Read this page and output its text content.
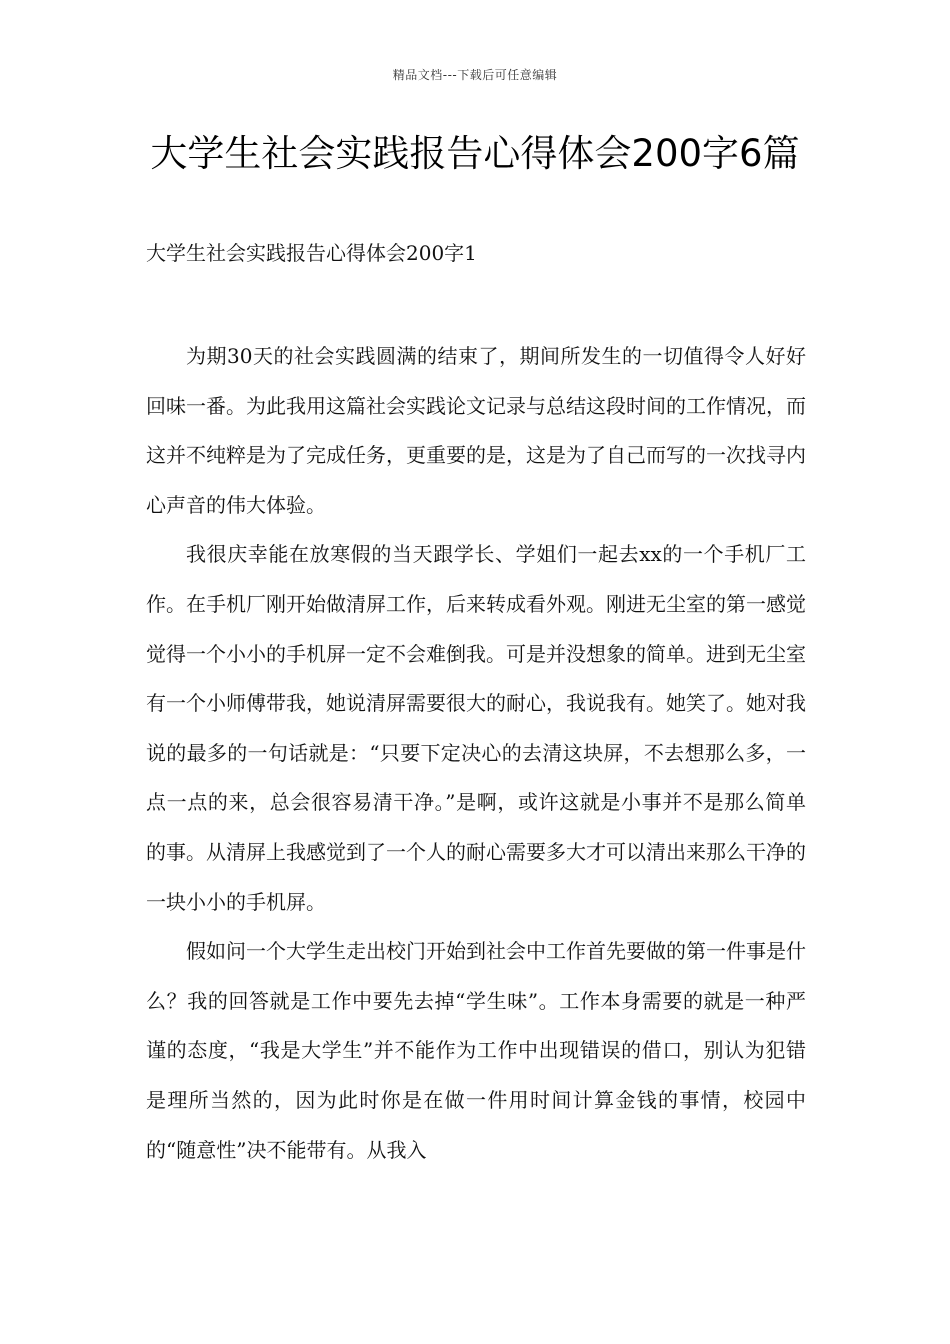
精品文档---下载后可任意编辑
大学生社会实践报告心得体会200字6篇
大学生社会实践报告心得体会200字1

为期30天的社会实践圆满的结束了，期间所发生的一切值得令人好好回味一番。为此我用这篇社会实践论文记录与总结这段时间的工作情况，而这并不纯粹是为了完成任务，更重要的是，这是为了自己而写的一次找寻内心声音的伟大体验。

我很庆幸能在放寒假的当天跟学长、学姐们一起去xx的一个手机厂工作。在手机厂刚开始做清屏工作，后来转成看外观。刚进无尘室的第一感觉觉得一个小小的手机屏一定不会难倒我。可是并没想象的简单。进到无尘室有一个小师傅带我，她说清屏需要很大的耐心，我说我有。她笑了。她对我说的最多的一句话就是：“只要下定决心的去清这块屏，不去想那么多，一点一点的来，总会很容易清干净。”是啊，或许这就是小事并不是那么简单的事。从清屏上我感觉到了一个人的耐心需要多大才可以清出来那么干净的一块小小的手机屏。

假如问一个大学生走出校门开始到社会中工作首先要做的第一件事是什么？我的回答就是工作中要先去掉“学生味”。工作本身需要的就是一种严谨的态度，“我是大学生”并不能作为工作中出现错误的借口，别认为犯错是理所当然的，因为此时你是在做一件用时间计算金钱的事情，校园中的“随意性”决不能带有。从我入
